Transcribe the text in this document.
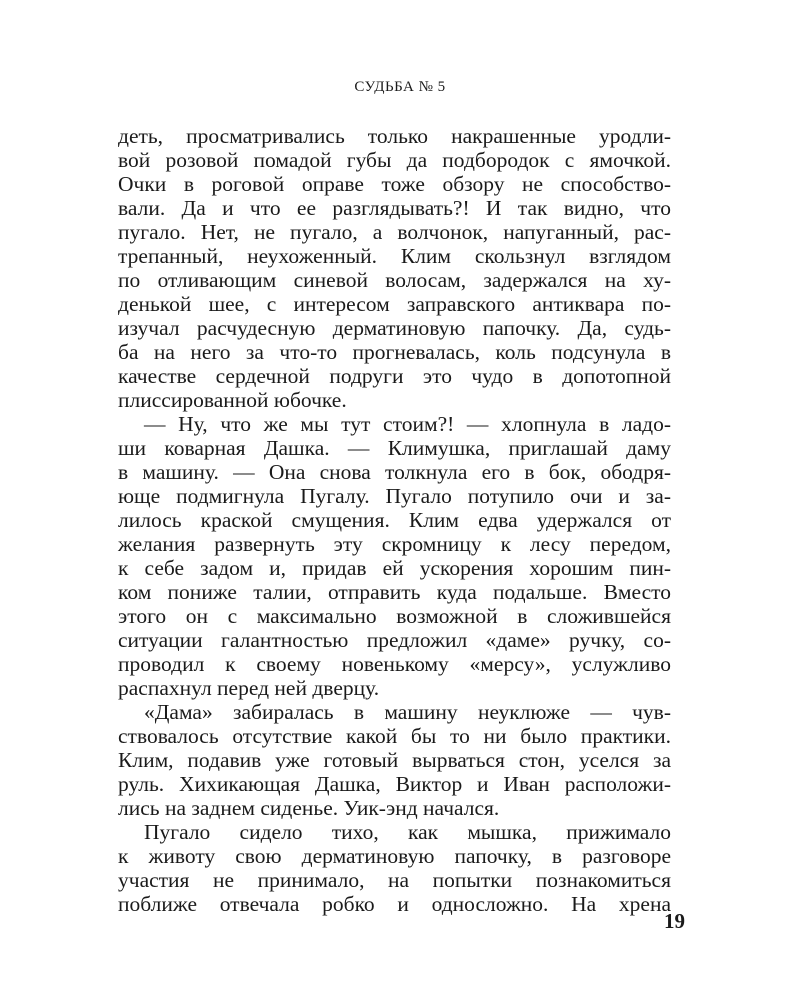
СУДЬБА № 5
деть, просматривались только накрашенные уродли-
вой розовой помадой губы да подбородок с ямочкой.
Очки в роговой оправе тоже обзору не способство-
вали. Да и что ее разглядывать?! И так видно, что
пугало. Нет, не пугало, а волчонок, напуганный, рас-
трепанный, неухоженный. Клим скользнул взглядом
по отливающим синевой волосам, задержался на ху-
денькой шее, с интересом заправского антиквара по-
изучал расчудесную дерматиновую папочку. Да, судь-
ба на него за что-то прогневалась, коль подсунула в
качестве сердечной подруги это чудо в допотопной
плиссированной юбочке.
— Ну, что же мы тут стоим?! — хлопнула в ладо-
ши коварная Дашка. — Климушка, приглашай даму
в машину. — Она снова толкнула его в бок, ободря-
юще подмигнула Пугалу. Пугало потупило очи и за-
лилось краской смущения. Клим едва удержался от
желания развернуть эту скромницу к лесу передом,
к себе задом и, придав ей ускорения хорошим пин-
ком пониже талии, отправить куда подальше. Вместо
этого он с максимально возможной в сложившейся
ситуации галантностью предложил «даме» ручку, со-
проводил к своему новенькому «мерсу», услужливо
распахнул перед ней дверцу.
«Дама» забиралась в машину неуклюже — чув-
ствовалось отсутствие какой бы то ни было практики.
Клим, подавив уже готовый вырваться стон, уселся за
руль. Хихикающая Дашка, Виктор и Иван расположи-
лись на заднем сиденье. Уик-энд начался.
Пугало сидело тихо, как мышка, прижимало
к животу свою дерматиновую папочку, в разговоре
участия не принимало, на попытки познакомиться
поближе отвечала робко и односложно. На хрена
19
